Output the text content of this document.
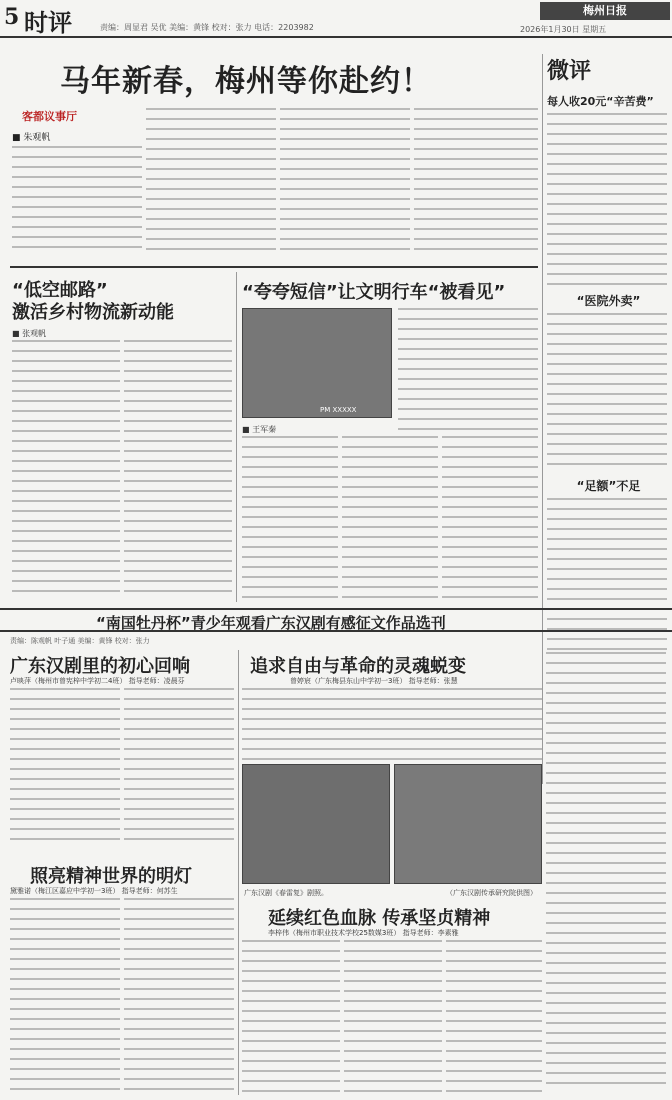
5 时评	责编：周显君 吴优 美编：黄锋 校对：张力 电话：2203982
梅州日报
2026年1月30日 星期五
马年新春，梅州等你赴约！
客都议事厅
■ 朱观帆
微评
每人收20元“辛苦费”
“医院外卖”
“足额”不足
“低空邮路”
激活乡村物流新动能
■ 张观帆
“夸夸短信”让文明行车“被看见”
PM XXXXX
■ 王军秦
“南国牡丹杯”青少年观看广东汉剧有感征文作品选刊
责编：陈观帆 叶子通 美编：黄锋 校对：张力
广东汉剧里的初心回响
卢映萍（梅州市曾宪梓中学初二4班） 指导老师：凌晨芬
追求自由与革命的灵魂蜕变
曾婷宸（广东梅县东山中学初一3班） 指导老师：张慧
广东汉剧《春雷复》剧照。	（广东汉剧传承研究院供图）
照亮精神世界的明灯
黛雅诺（梅江区嘉应中学初一3班） 指导老师：何苏生
延续红色血脉 传承坚贞精神
李梓伟（梅州市职业技术学校25数媒3班） 指导老师：李素雅
